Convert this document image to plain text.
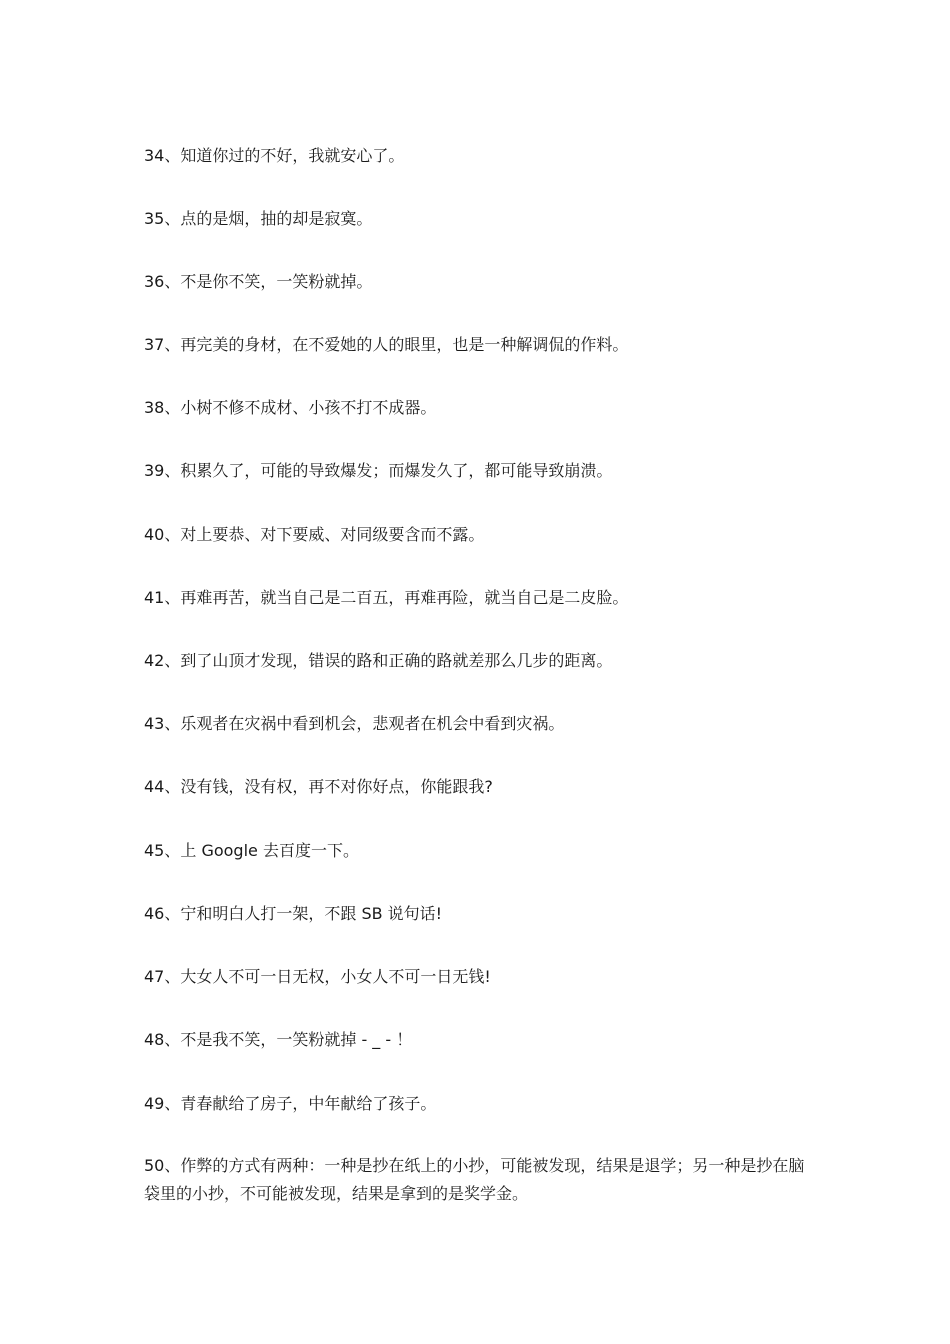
34、知道你过的不好，我就安心了。
35、点的是烟，抽的却是寂寞。
36、不是你不笑，一笑粉就掉。
37、再完美的身材，在不爱她的人的眼里，也是一种解调侃的作料。
38、小树不修不成材、小孩不打不成器。
39、积累久了，可能的导致爆发；而爆发久了，都可能导致崩溃。
40、对上要恭、对下要威、对同级要含而不露。
41、再难再苦，就当自己是二百五，再难再险，就当自己是二皮脸。
42、到了山顶才发现，错误的路和正确的路就差那么几步的距离。
43、乐观者在灾祸中看到机会，悲观者在机会中看到灾祸。
44、没有钱，没有权，再不对你好点，你能跟我?
45、上 Google 去百度一下。
46、宁和明白人打一架，不跟 SB 说句话!
47、大女人不可一日无权，小女人不可一日无钱!
48、不是我不笑，一笑粉就掉 - _ - ！
49、青春献给了房子，中年献给了孩子。
50、作弊的方式有两种：一种是抄在纸上的小抄，可能被发现，结果是退学；另一种是抄在脑袋里的小抄，不可能被发现，结果是拿到的是奖学金。
